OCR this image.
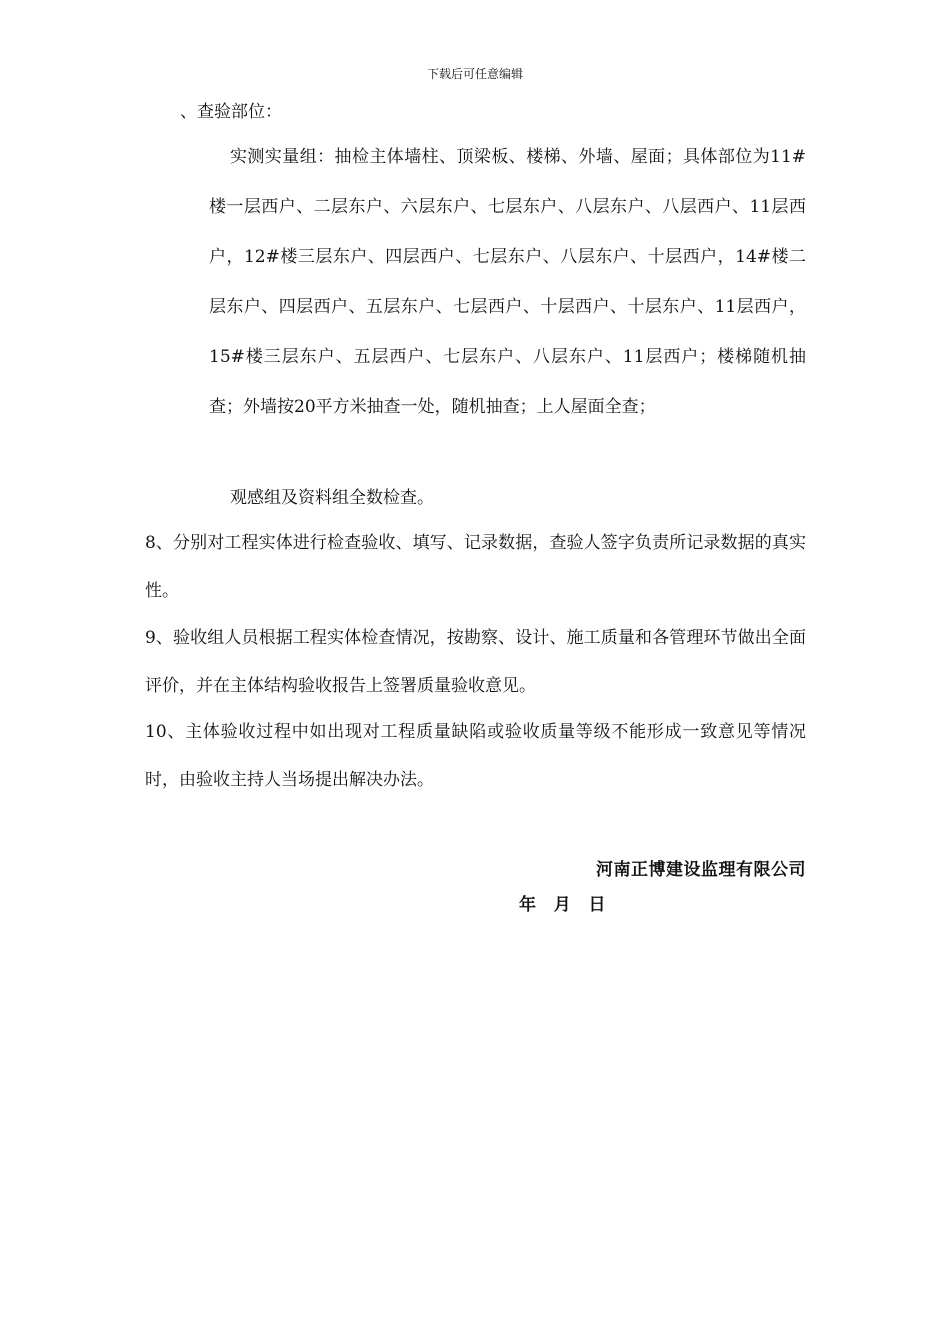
下载后可任意编辑
、查验部位：
实测实量组：抽检主体墙柱、顶梁板、楼梯、外墙、屋面；具体部位为11#楼一层西户、二层东户、六层东户、七层东户、八层东户、八层西户、11层西户，12#楼三层东户、四层西户、七层东户、八层东户、十层西户，14#楼二层东户、四层西户、五层东户、七层西户、十层西户、十层东户、11层西户，15#楼三层东户、五层西户、七层东户、八层东户、11层西户；楼梯随机抽查；外墙按20平方米抽查一处，随机抽查；上人屋面全查；
观感组及资料组全数检查。
8、分别对工程实体进行检查验收、填写、记录数据，查验人签字负责所记录数据的真实性。
9、验收组人员根据工程实体检查情况，按勘察、设计、施工质量和各管理环节做出全面评价，并在主体结构验收报告上签署质量验收意见。
10、主体验收过程中如出现对工程质量缺陷或验收质量等级不能形成一致意见等情况时，由验收主持人当场提出解决办法。
河南正博建设监理有限公司
年   月   日
